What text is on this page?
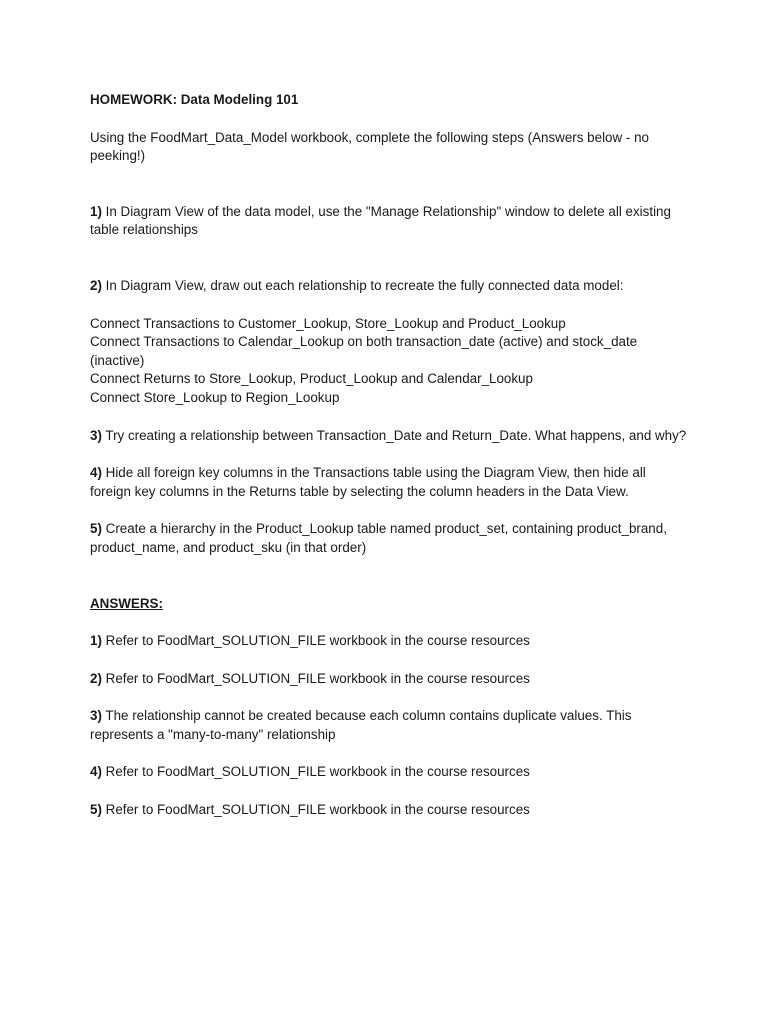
HOMEWORK: Data Modeling 101

Using the FoodMart_Data_Model workbook, complete the following steps (Answers below - no peeking!)

1) In Diagram View of the data model, use the "Manage Relationship" window to delete all existing table relationships

2) In Diagram View, draw out each relationship to recreate the fully connected data model:

Connect Transactions to Customer_Lookup, Store_Lookup and Product_Lookup

Connect Transactions to Calendar_Lookup on both transaction_date (active) and stock_date (inactive)

Connect Returns to Store_Lookup, Product_Lookup and Calendar_Lookup

Connect Store_Lookup to Region_Lookup

3) Try creating a relationship between Transaction_Date and Return_Date. What happens, and why?

4) Hide all foreign key columns in the Transactions table using the Diagram View, then hide all foreign key columns in the Returns table by selecting the column headers in the Data View.

5) Create a hierarchy in the Product_Lookup table named product_set, containing product_brand, product_name, and product_sku (in that order)

ANSWERS:

1) Refer to FoodMart_SOLUTION_FILE workbook in the course resources

2) Refer to FoodMart_SOLUTION_FILE workbook in the course resources

3) The relationship cannot be created because each column contains duplicate values. This represents a "many-to-many" relationship

4) Refer to FoodMart_SOLUTION_FILE workbook in the course resources

5) Refer to FoodMart_SOLUTION_FILE workbook in the course resources
